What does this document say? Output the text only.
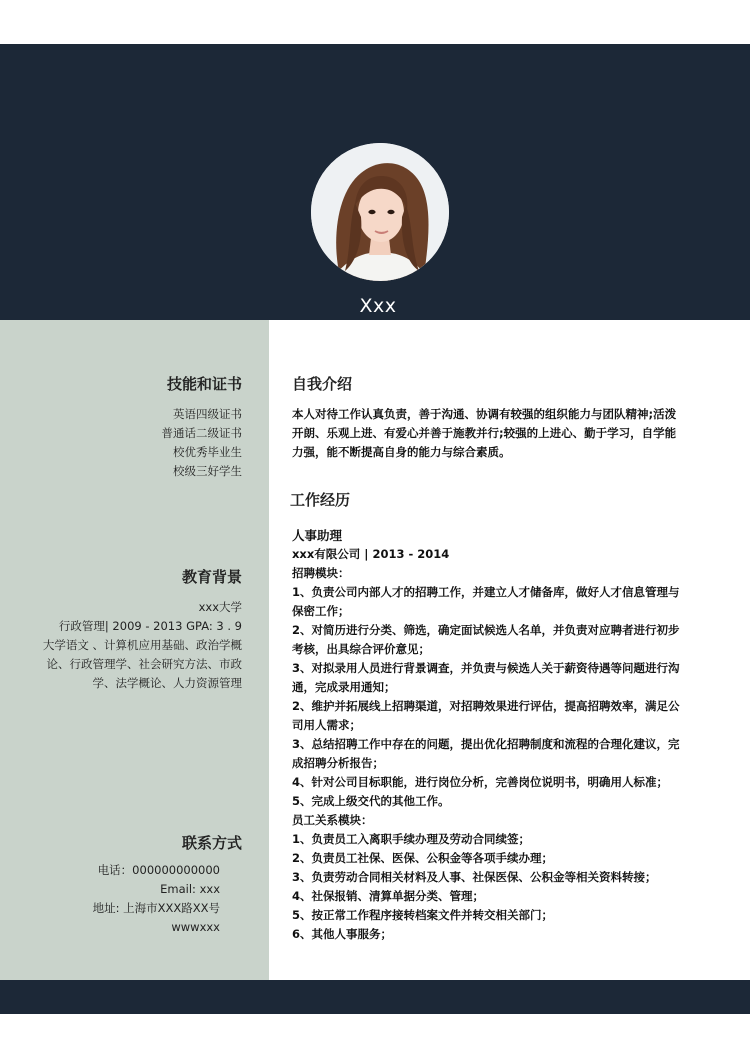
Xxx
技能和证书
英语四级证书
普通话二级证书
校优秀毕业生
校级三好学生
教育背景
xxx大学
行政管理| 2009 - 2013 GPA: 3 . 9
大学语文 、计算机应用基础、政治学概论、行政管理学、社会研究方法、市政学、法学概论、人力资源管理
联系方式
电话：000000000000
Email: xxx
地址: 上海市XXX路XX号
wwwxxx
自我介绍
本人对待工作认真负责，善于沟通、协调有较强的组织能力与团队精神;活泼开朗、乐观上进、有爱心并善于施教并行;较强的上进心、勤于学习，自学能力强，能不断提高自身的能力与综合素质。
工作经历
人事助理
xxx有限公司 | 2013 - 2014
招聘模块：
1、负责公司内部人才的招聘工作，并建立人才储备库，做好人才信息管理与保密工作；
2、对简历进行分类、筛选，确定面试候选人名单，并负责对应聘者进行初步考核，出具综合评价意见；
3、对拟录用人员进行背景调查，并负责与候选人关于薪资待遇等问题进行沟通，完成录用通知；
2、维护并拓展线上招聘渠道，对招聘效果进行评估，提高招聘效率，满足公司用人需求；
3、总结招聘工作中存在的问题，提出优化招聘制度和流程的合理化建议，完成招聘分析报告；
4、针对公司目标职能，进行岗位分析，完善岗位说明书，明确用人标准；
5、完成上级交代的其他工作。
员工关系模块：
1、负责员工入离职手续办理及劳动合同续签；
2、负责员工社保、医保、公积金等各项手续办理；
3、负责劳动合同相关材料及人事、社保医保、公积金等相关资料转接；
4、社保报销、清算单据分类、管理；
5、按正常工作程序接转档案文件并转交相关部门；
6、其他人事服务；
